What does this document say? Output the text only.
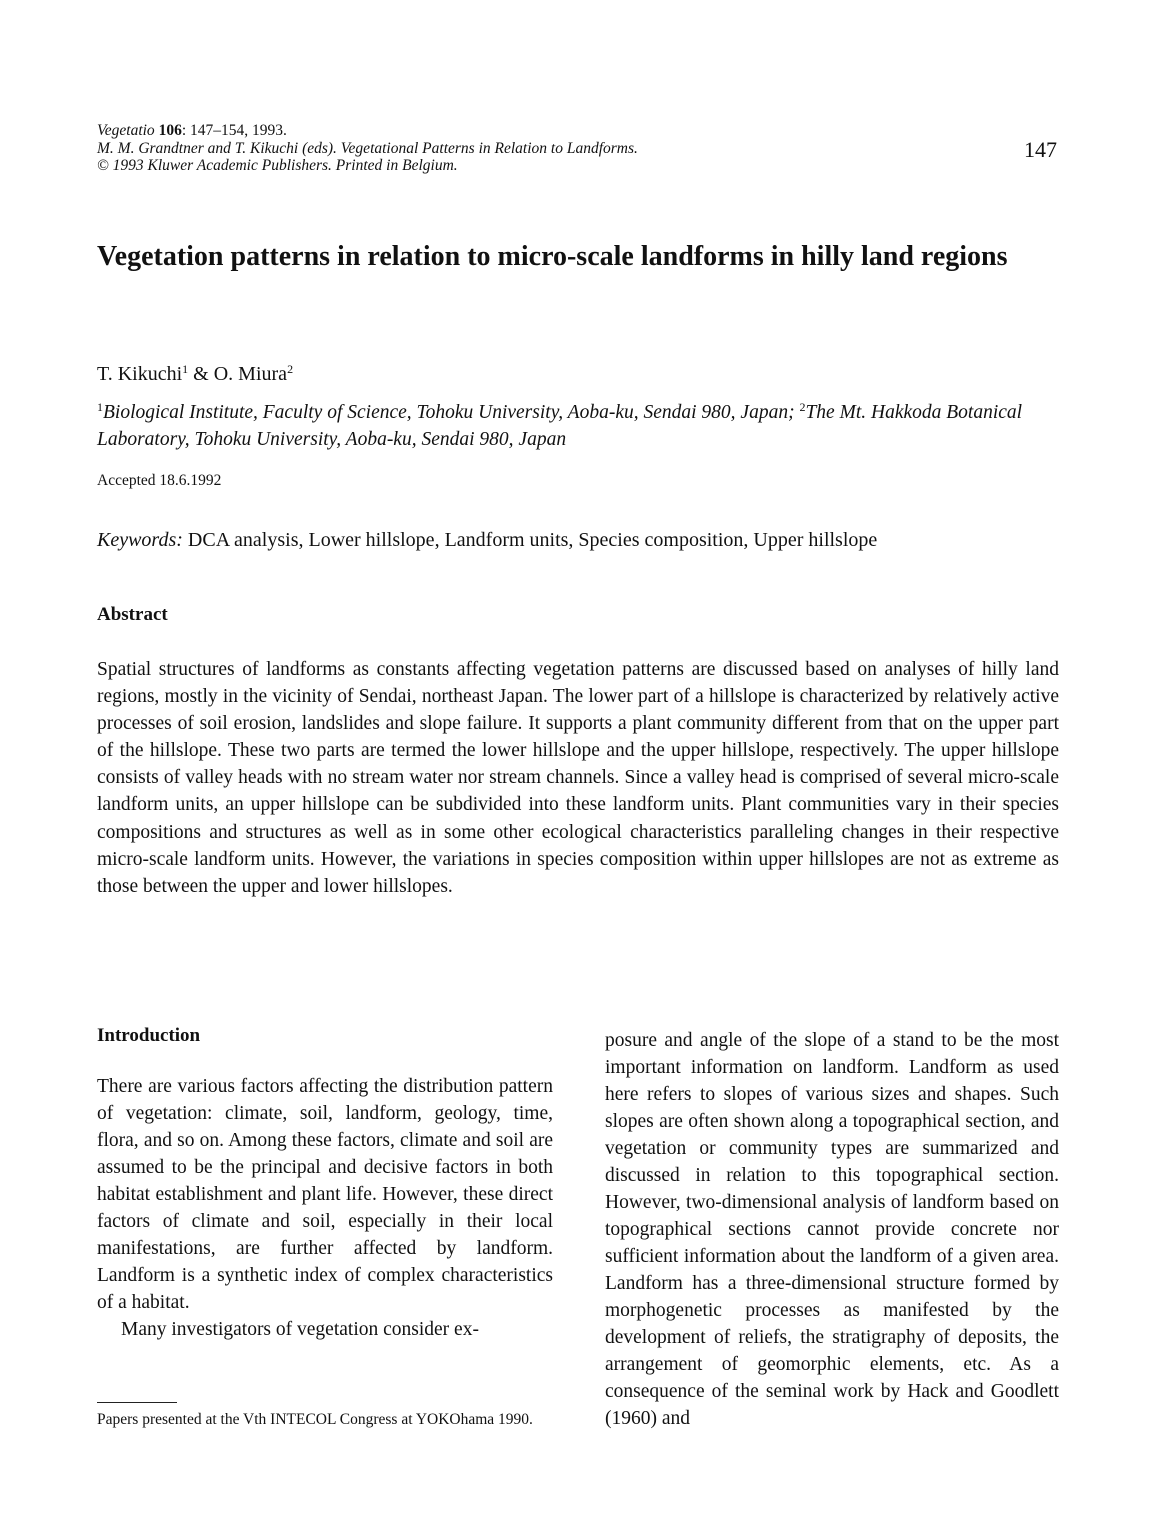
Vegetatio 106: 147–154, 1993.
M. M. Grandtner and T. Kikuchi (eds). Vegetational Patterns in Relation to Landforms.
© 1993 Kluwer Academic Publishers. Printed in Belgium.
147
Vegetation patterns in relation to micro-scale landforms in hilly land regions
T. Kikuchi$^1$ & O. Miura$^2$
$^1$Biological Institute, Faculty of Science, Tohoku University, Aoba-ku, Sendai 980, Japan; $^2$The Mt. Hakkoda Botanical Laboratory, Tohoku University, Aoba-ku, Sendai 980, Japan
Accepted 18.6.1992
Keywords: DCA analysis, Lower hillslope, Landform units, Species composition, Upper hillslope
Abstract

Spatial structures of landforms as constants affecting vegetation patterns are discussed based on analyses of hilly land regions, mostly in the vicinity of Sendai, northeast Japan. The lower part of a hillslope is characterized by relatively active processes of soil erosion, landslides and slope failure. It supports a plant community different from that on the upper part of the hillslope. These two parts are termed the lower hillslope and the upper hillslope, respectively. The upper hillslope consists of valley heads with no stream water nor stream channels. Since a valley head is comprised of several micro-scale landform units, an upper hillslope can be subdivided into these landform units. Plant communities vary in their species compositions and structures as well as in some other ecological characteristics paralleling changes in their respective micro-scale landform units. However, the variations in species composition within upper hillslopes are not as extreme as those between the upper and lower hillslopes.

Introduction

There are various factors affecting the distribution pattern of vegetation: climate, soil, landform, geology, time, flora, and so on. Among these factors, climate and soil are assumed to be the principal and decisive factors in both habitat establishment and plant life. However, these direct factors of climate and soil, especially in their local manifestations, are further affected by landform. Landform is a synthetic index of complex characteristics of a habitat.

Many investigators of vegetation consider ex-

posure and angle of the slope of a stand to be the most important information on landform. Landform as used here refers to slopes of various sizes and shapes. Such slopes are often shown along a topographical section, and vegetation or community types are summarized and discussed in relation to this topographical section. However, two-dimensional analysis of landform based on topographical sections cannot provide concrete nor sufficient information about the landform of a given area. Landform has a three-dimensional structure formed by morphogenetic processes as manifested by the development of reliefs, the stratigraphy of deposits, the arrangement of geomorphic elements, etc. As a consequence of the seminal work by Hack and Goodlett (1960) and

Papers presented at the Vth INTECOL Congress at YOKOhama 1990.
